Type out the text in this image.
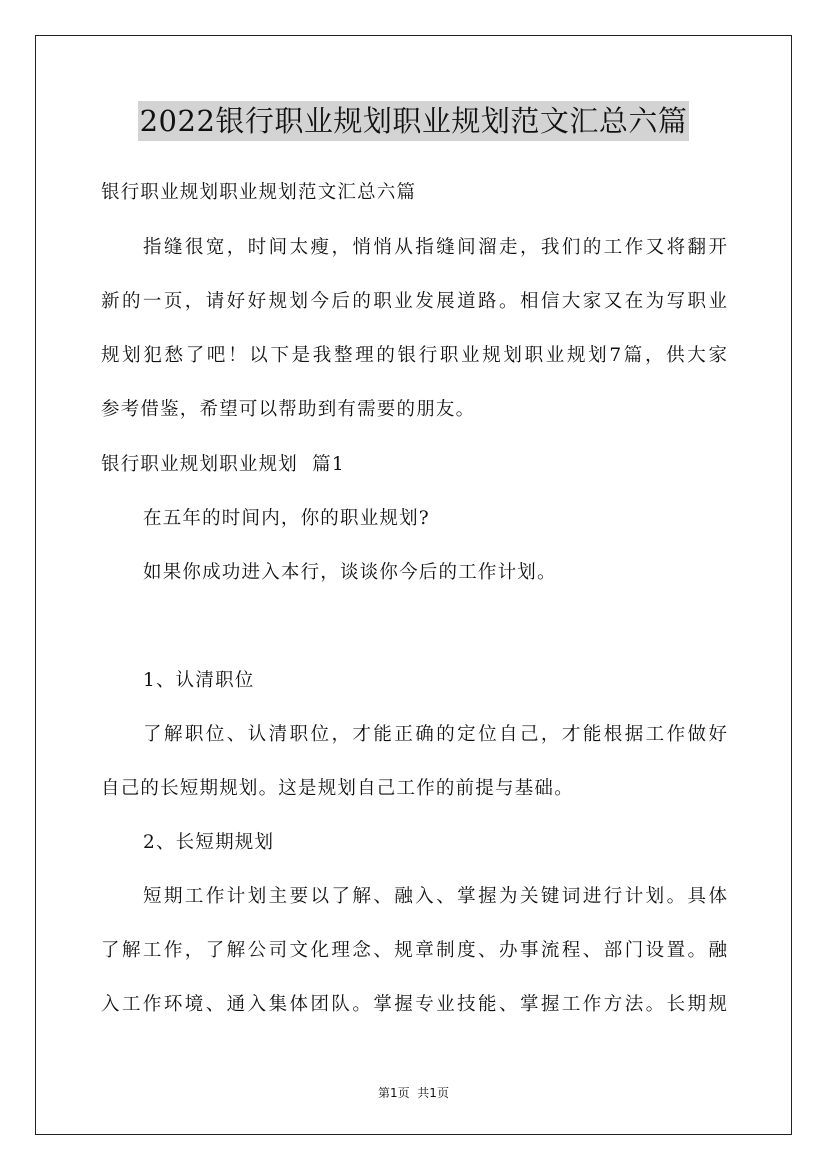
2022银行职业规划职业规划范文汇总六篇
银行职业规划职业规划范文汇总六篇
指缝很宽，时间太瘦，悄悄从指缝间溜走，我们的工作又将翻开
新的一页，请好好规划今后的职业发展道路。相信大家又在为写职业
规划犯愁了吧！以下是我整理的银行职业规划职业规划7篇，供大家
参考借鉴，希望可以帮助到有需要的朋友。
银行职业规划职业规划  篇1
在五年的时间内，你的职业规划?
如果你成功进入本行，谈谈你今后的工作计划。
1、认清职位
了解职位、认清职位，才能正确的定位自己，才能根据工作做好
自己的长短期规划。这是规划自己工作的前提与基础。
2、长短期规划
短期工作计划主要以了解、融入、掌握为关键词进行计划。具体
了解工作，了解公司文化理念、规章制度、办事流程、部门设置。融
入工作环境、通入集体团队。掌握专业技能、掌握工作方法。长期规
第1页  共1页
